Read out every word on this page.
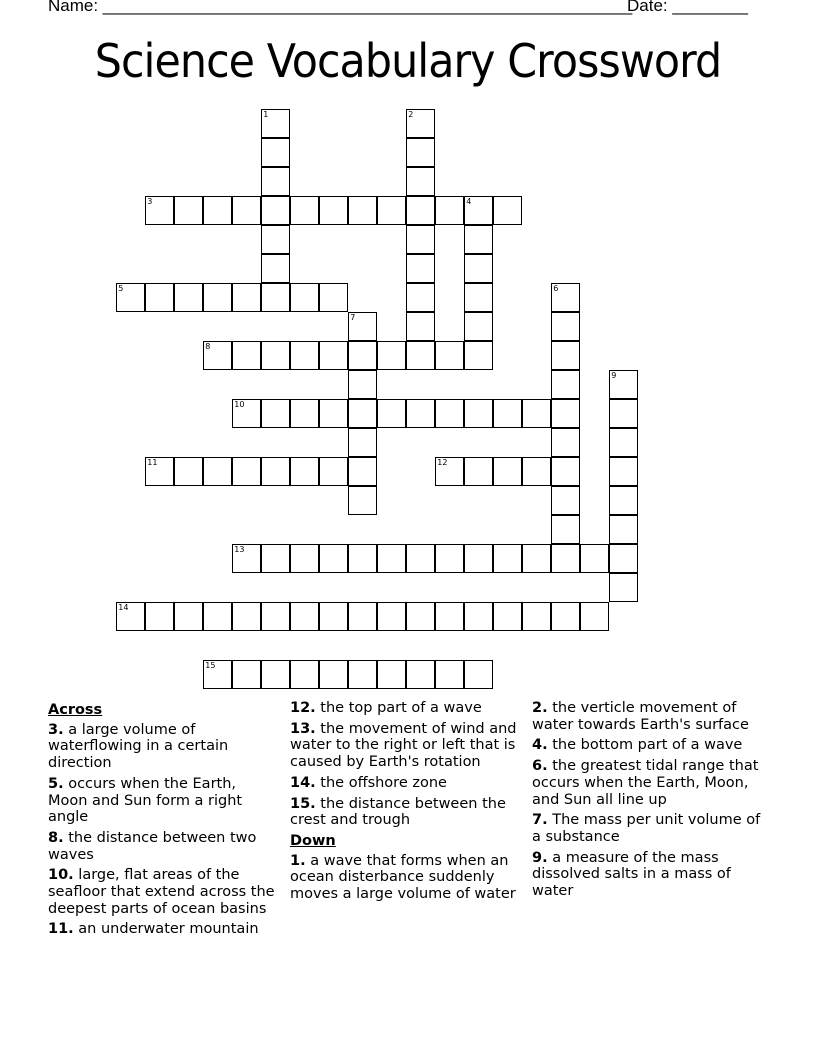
Name: ________________________________________________________
Date: ________
Science Vocabulary Crossword
1	2
3	4
5	6
7
8
9
10
11	12
13
14
15
Across
3. a large volume of waterflowing in a certain direction
5. occurs when the Earth, Moon and Sun form a right angle
8. the distance between two waves
10. large, flat areas of the seafloor that extend across the deepest parts of ocean basins
11. an underwater mountain
12. the top part of a wave
13. the movement of wind and water to the right or left that is caused by Earth's rotation
14. the offshore zone
15. the distance between the crest and trough
Down
1. a wave that forms when an ocean disterbance suddenly moves a large volume of water
2. the verticle movement of water towards Earth's surface
4. the bottom part of a wave
6. the greatest tidal range that occurs when the Earth, Moon, and Sun all line up
7. The mass per unit volume of a substance
9. a measure of the mass dissolved salts in a mass of water
